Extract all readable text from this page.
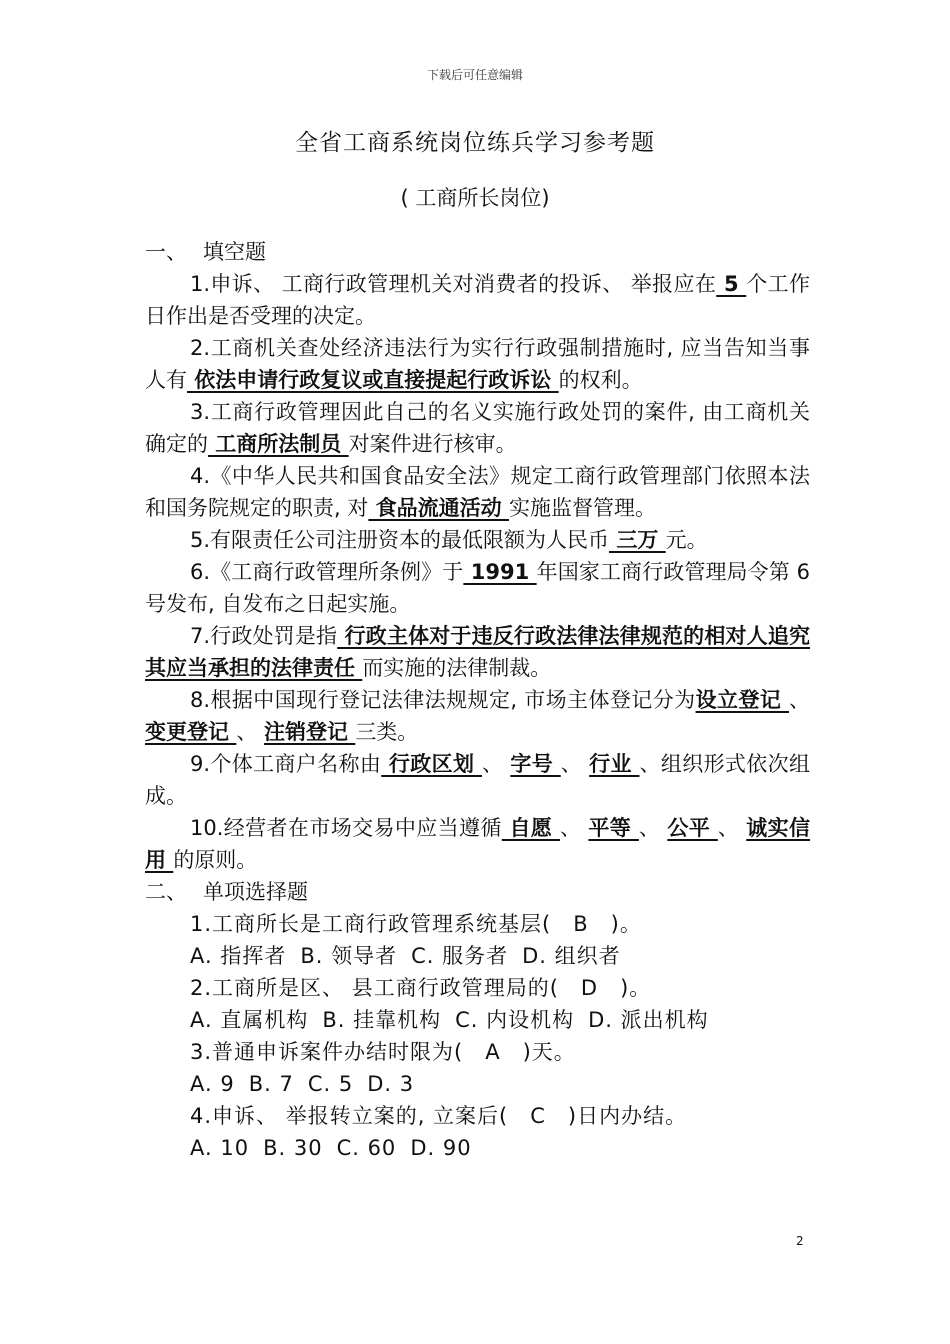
下载后可任意编辑
全省工商系统岗位练兵学习参考题
( 工商所长岗位)

一、 填空题

1.申诉、 工商行政管理机关对消费者的投诉、 举报应在 5 个工作日作出是否受理的决定。

2.工商机关查处经济违法行为实行行政强制措施时, 应当告知当事人有 依法申请行政复议或直接提起行政诉讼 的权利。

3.工商行政管理因此自己的名义实施行政处罚的案件, 由工商机关确定的 工商所法制员 对案件进行核审。

4.《中华人民共和国食品安全法》规定工商行政管理部门依照本法和国务院规定的职责, 对 食品流通活动 实施监督管理。

5.有限责任公司注册资本的最低限额为人民币 三万 元。

6.《工商行政管理所条例》于 1991 年国家工商行政管理局令第 6 号发布, 自发布之日起实施。

7.行政处罚是指 行政主体对于违反行政法律法律规范的相对人追究其应当承担的法律责任 而实施的法律制裁。

8.根据中国现行登记法律法规规定, 市场主体登记分为设立登记 、 变更登记 、 注销登记 三类。

9.个体工商户名称由 行政区划 、 字号 、 行业 、组织形式依次组成。

10.经营者在市场交易中应当遵循 自愿 、 平等 、 公平 、 诚实信用 的原则。

二、 单项选择题

1.工商所长是工商行政管理系统基层(　B　)。

A. 指挥者 B. 领导者 C. 服务者 D. 组织者

2.工商所是区、 县工商行政管理局的(　D　)。

A. 直属机构 B. 挂靠机构 C. 内设机构 D. 派出机构

3.普通申诉案件办结时限为(　A　)天。

A. 9 B. 7 C. 5 D. 3

4.申诉、 举报转立案的, 立案后(　C　)日内办结。

A. 10 B. 30 C. 60 D. 90

2
